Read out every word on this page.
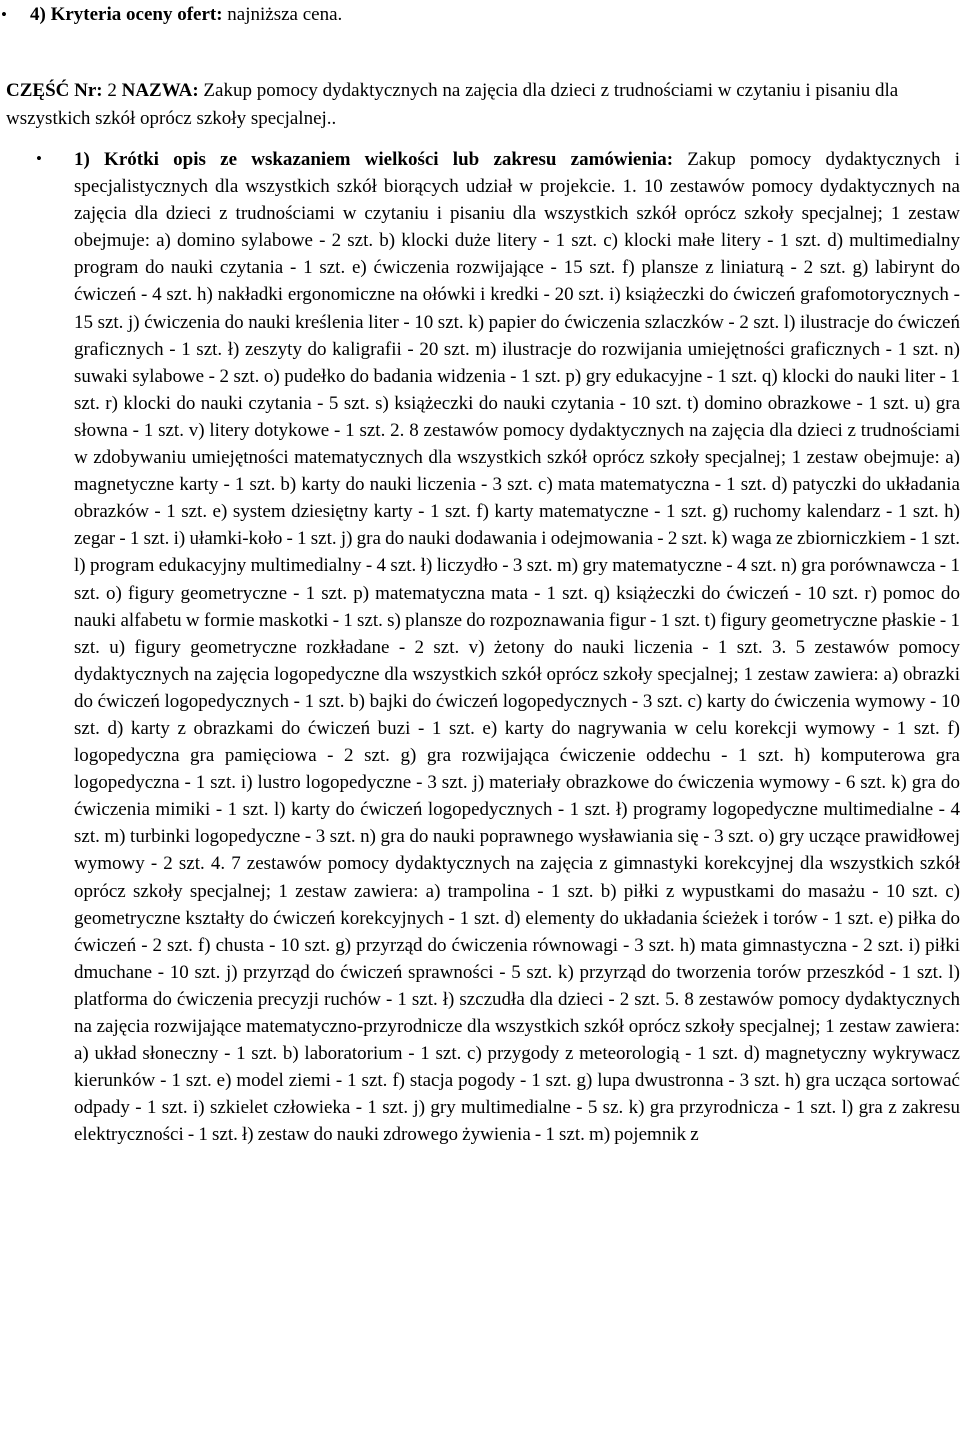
•	4) Kryteria oceny ofert: najniższa cena.
CZĘŚĆ Nr: 2 NAZWA: Zakup pomocy dydaktycznych na zajęcia dla dzieci z trudnościami w czytaniu i pisaniu dla wszystkich szkół oprócz szkoły specjalnej..
•	1) Krótki opis ze wskazaniem wielkości lub zakresu zamówienia: Zakup pomocy dydaktycznych i specjalistycznych dla wszystkich szkół biorących udział w projekcie. 1. 10 zestawów pomocy dydaktycznych na zajęcia dla dzieci z trudnościami w czytaniu i pisaniu dla wszystkich szkół oprócz szkoły specjalnej; 1 zestaw obejmuje: a) domino sylabowe - 2 szt. b) klocki duże litery - 1 szt. c) klocki małe litery - 1 szt. d) multimedialny program do nauki czytania - 1 szt. e) ćwiczenia rozwijające - 15 szt. f) plansze z liniaturą - 2 szt. g) labirynt do ćwiczeń - 4 szt. h) nakładki ergonomiczne na ołówki i kredki - 20 szt. i) książeczki do ćwiczeń grafomotorycznych - 15 szt. j) ćwiczenia do nauki kreślenia liter - 10 szt. k) papier do ćwiczenia szlaczków - 2 szt. l) ilustracje do ćwiczeń graficznych - 1 szt. ł) zeszyty do kaligrafii - 20 szt. m) ilustracje do rozwijania umiejętności graficznych - 1 szt. n) suwaki sylabowe - 2 szt. o) pudełko do badania widzenia - 1 szt. p) gry edukacyjne - 1 szt. q) klocki do nauki liter - 1 szt. r) klocki do nauki czytania - 5 szt. s) książeczki do nauki czytania - 10 szt. t) domino obrazkowe - 1 szt. u) gra słowna - 1 szt. v) litery dotykowe - 1 szt. 2. 8 zestawów pomocy dydaktycznych na zajęcia dla dzieci z trudnościami w zdobywaniu umiejętności matematycznych dla wszystkich szkół oprócz szkoły specjalnej; 1 zestaw obejmuje: a) magnetyczne karty - 1 szt. b) karty do nauki liczenia - 3 szt. c) mata matematyczna - 1 szt. d) patyczki do układania obrazków - 1 szt. e) system dziesiętny karty - 1 szt. f) karty matematyczne - 1 szt. g) ruchomy kalendarz - 1 szt. h) zegar - 1 szt. i) ułamki-koło - 1 szt. j) gra do nauki dodawania i odejmowania - 2 szt. k) waga ze zbiorniczkiem - 1 szt. l) program edukacyjny multimedialny - 4 szt. ł) liczydło - 3 szt. m) gry matematyczne - 4 szt. n) gra porównawcza - 1 szt. o) figury geometryczne - 1 szt. p) matematyczna mata - 1 szt. q) książeczki do ćwiczeń - 10 szt. r) pomoc do nauki alfabetu w formie maskotki - 1 szt. s) plansze do rozpoznawania figur - 1 szt. t) figury geometryczne płaskie - 1 szt. u) figury geometryczne rozkładane - 2 szt. v) żetony do nauki liczenia - 1 szt. 3. 5 zestawów pomocy dydaktycznych na zajęcia logopedyczne dla wszystkich szkół oprócz szkoły specjalnej; 1 zestaw zawiera: a) obrazki do ćwiczeń logopedycznych - 1 szt. b) bajki do ćwiczeń logopedycznych - 3 szt. c) karty do ćwiczenia wymowy - 10 szt. d) karty z obrazkami do ćwiczeń buzi - 1 szt. e) karty do nagrywania w celu korekcji wymowy - 1 szt. f) logopedyczna gra pamięciowa - 2 szt. g) gra rozwijająca ćwiczenie oddechu - 1 szt. h) komputerowa gra logopedyczna - 1 szt. i) lustro logopedyczne - 3 szt. j) materiały obrazkowe do ćwiczenia wymowy - 6 szt. k) gra do ćwiczenia mimiki - 1 szt. l) karty do ćwiczeń logopedycznych - 1 szt. ł) programy logopedyczne multimedialne - 4 szt. m) turbinki logopedyczne - 3 szt. n) gra do nauki poprawnego wysławiania się - 3 szt. o) gry uczące prawidłowej wymowy - 2 szt. 4. 7 zestawów pomocy dydaktycznych na zajęcia z gimnastyki korekcyjnej dla wszystkich szkół oprócz szkoły specjalnej; 1 zestaw zawiera: a) trampolina - 1 szt. b) piłki z wypustkami do masażu - 10 szt. c) geometryczne kształty do ćwiczeń korekcyjnych - 1 szt. d) elementy do układania ścieżek i torów - 1 szt. e) piłka do ćwiczeń - 2 szt. f) chusta - 10 szt. g) przyrząd do ćwiczenia równowagi - 3 szt. h) mata gimnastyczna - 2 szt. i) piłki dmuchane - 10 szt. j) przyrząd do ćwiczeń sprawności - 5 szt. k) przyrząd do tworzenia torów przeszkód - 1 szt. l) platforma do ćwiczenia precyzji ruchów - 1 szt. ł) szczudła dla dzieci - 2 szt. 5. 8 zestawów pomocy dydaktycznych na zajęcia rozwijające matematyczno-przyrodnicze dla wszystkich szkół oprócz szkoły specjalnej; 1 zestaw zawiera: a) układ słoneczny - 1 szt. b) laboratorium - 1 szt. c) przygody z meteorologią - 1 szt. d) magnetyczny wykrywacz kierunków - 1 szt. e) model ziemi - 1 szt. f) stacja pogody - 1 szt. g) lupa dwustronna - 3 szt. h) gra ucząca sortować odpady - 1 szt. i) szkielet człowieka - 1 szt. j) gry multimedialne - 5 sz. k) gra przyrodnicza - 1 szt. l) gra z zakresu elektryczności - 1 szt. ł) zestaw do nauki zdrowego żywienia - 1 szt. m) pojemnik z
